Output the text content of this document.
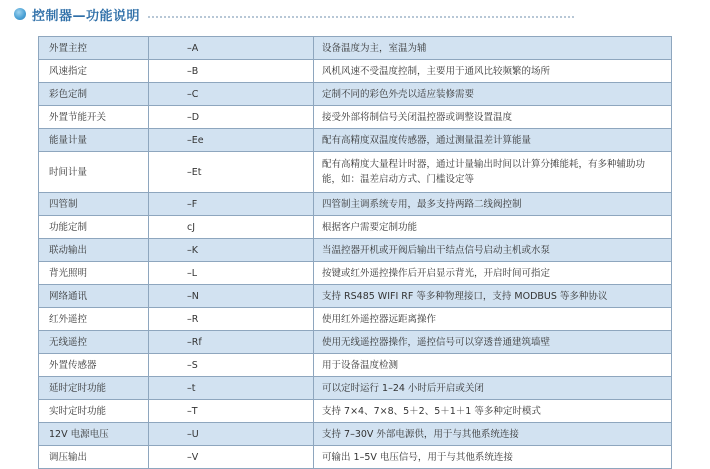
控制器—功能说明
外置主控	–A	设备温度为主，室温为辅
风速指定	–B	风机风速不受温度控制，主要用于通风比较频繁的场所
彩色定制	–C	定制不同的彩色外壳以适应装修需要
外置节能开关	–D	接受外部将制信号关闭温控器或调整设置温度
能量计量	–Ee	配有高精度双温度传感器，通过测量温差计算能量
时间计量	–Et	配有高精度大量程计时器，通过计量输出时间以计算分摊能耗，有多种辅助功能，如：温差启动方式、门槛设定等
四管制	–F	四管制主调系统专用，最多支持两路二线阀控制
功能定制	cJ	根据客户需要定制功能
联动输出	–K	当温控器开机或开阀后输出干结点信号启动主机或水泵
背光照明	–L	按键或红外遥控操作后开启显示背光，开启时间可指定
网络通讯	–N	支持 RS485 WIFI RF 等多种物理接口，支持 MODBUS 等多种协议
红外遥控	–R	使用红外遥控器远距离操作
无线遥控	–Rf	使用无线遥控器操作，遥控信号可以穿透普通建筑墙壁
外置传感器	–S	用于设备温度检测
延时定时功能	–t	可以定时运行 1–24 小时后开启或关闭
实时定时功能	–T	支持 7×4、7×8、5＋2、5＋1＋1 等多种定时模式
12V 电源电压	–U	支持 7–30V 外部电源供，用于与其他系统连接
调压输出	–V	可输出 1–5V 电压信号，用于与其他系统连接
